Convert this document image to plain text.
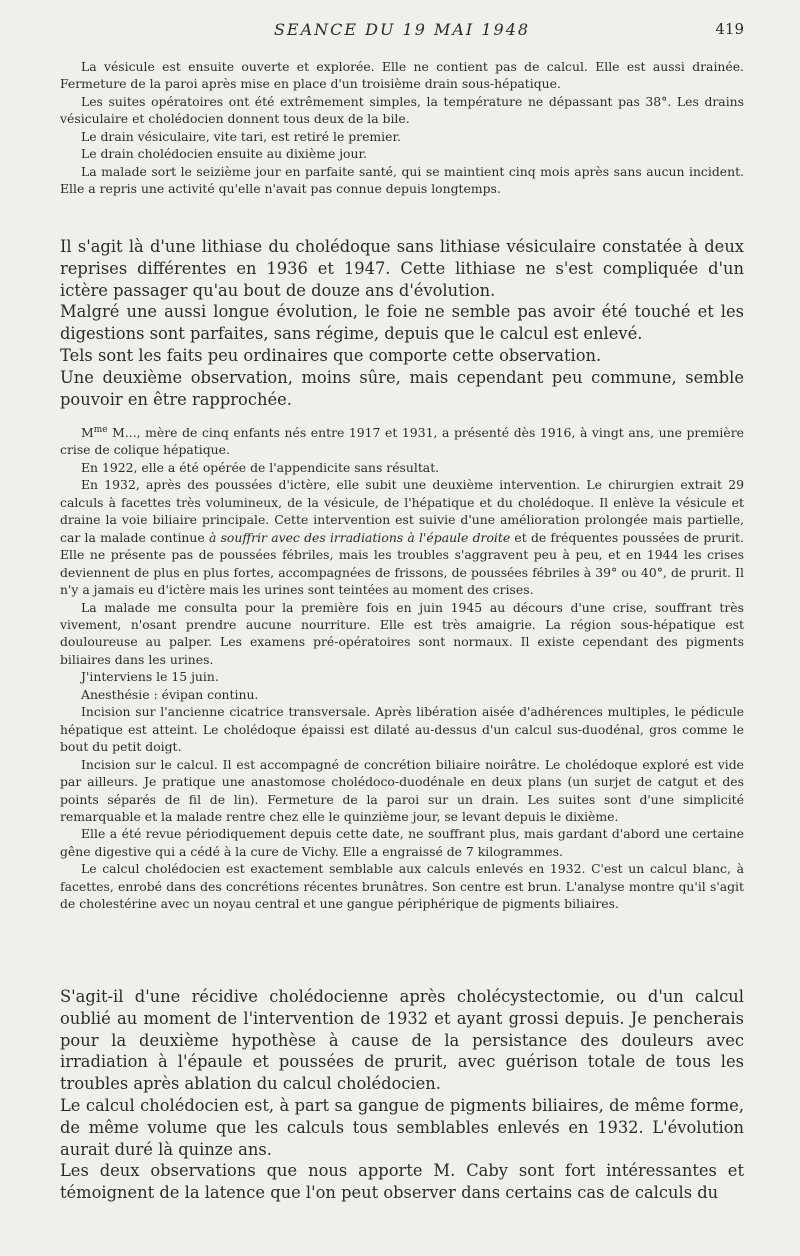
SEANCE DU 19 MAI 1948	419

La vésicule est ensuite ouverte et explorée. Elle ne contient pas de calcul. Elle est aussi drainée. Fermeture de la paroi après mise en place d'un troisième drain sous-hépatique.

Les suites opératoires ont été extrêmement simples, la température ne dépassant pas 38°. Les drains vésiculaire et cholédocien donnent tous deux de la bile.

Le drain vésiculaire, vite tari, est retiré le premier.

Le drain cholédocien ensuite au dixième jour.

La malade sort le seizième jour en parfaite santé, qui se maintient cinq mois après sans aucun incident. Elle a repris une activité qu'elle n'avait pas connue depuis longtemps.

Il s'agit là d'une lithiase du cholédoque sans lithiase vésiculaire constatée à deux reprises différentes en 1936 et 1947. Cette lithiase ne s'est compliquée d'un ictère passager qu'au bout de douze ans d'évolution.

Malgré une aussi longue évolution, le foie ne semble pas avoir été touché et les digestions sont parfaites, sans régime, depuis que le calcul est enlevé.

Tels sont les faits peu ordinaires que comporte cette observation.

Une deuxième observation, moins sûre, mais cependant peu commune, semble pouvoir en être rapprochée.

$M^{me}$ M..., mère de cinq enfants nés entre 1917 et 1931, a présenté dès 1916, à vingt ans, une première crise de colique hépatique.

En 1922, elle a été opérée de l'appendicite sans résultat.

En 1932, après des poussées d'ictère, elle subit une deuxième intervention. Le chirurgien extrait 29 calculs à facettes très volumineux, de la vésicule, de l'hépatique et du cholédoque. Il enlève la vésicule et draine la voie biliaire principale. Cette intervention est suivie d'une amélioration prolongée mais partielle, car la malade continue à souffrir avec des irradiations à l'épaule droite et de fréquentes poussées de prurit. Elle ne présente pas de poussées fébriles, mais les troubles s'aggravent peu à peu, et en 1944 les crises deviennent de plus en plus fortes, accompagnées de frissons, de poussées fébriles à 39° ou 40°, de prurit. Il n'y a jamais eu d'ictère mais les urines sont teintées au moment des crises.

La malade me consulta pour la première fois en juin 1945 au décours d'une crise, souffrant très vivement, n'osant prendre aucune nourriture. Elle est très amaigrie. La région sous-hépatique est douloureuse au palper. Les examens pré-opératoires sont normaux. Il existe cependant des pigments biliaires dans les urines.

J'interviens le 15 juin.

Anesthésie : évipan continu.

Incision sur l'ancienne cicatrice transversale. Après libération aisée d'adhérences multiples, le pédicule hépatique est atteint. Le cholédoque épaissi est dilaté au-dessus d'un calcul sus-duodénal, gros comme le bout du petit doigt.

Incision sur le calcul. Il est accompagné de concrétion biliaire noirâtre. Le cholédoque exploré est vide par ailleurs. Je pratique une anastomose cholédoco-duodénale en deux plans (un surjet de catgut et des points séparés de fil de lin). Fermeture de la paroi sur un drain. Les suites sont d'une simplicité remarquable et la malade rentre chez elle le quinzième jour, se levant depuis le dixième.

Elle a été revue périodiquement depuis cette date, ne souffrant plus, mais gardant d'abord une certaine gêne digestive qui a cédé à la cure de Vichy. Elle a engraissé de 7 kilogrammes.

Le calcul cholédocien est exactement semblable aux calculs enlevés en 1932. C'est un calcul blanc, à facettes, enrobé dans des concrétions récentes brunâtres. Son centre est brun. L'analyse montre qu'il s'agit de cholestérine avec un noyau central et une gangue périphérique de pigments biliaires.

S'agit-il d'une récidive cholédocienne après cholécystectomie, ou d'un calcul oublié au moment de l'intervention de 1932 et ayant grossi depuis. Je pencherais pour la deuxième hypothèse à cause de la persistance des douleurs avec irradiation à l'épaule et poussées de prurit, avec guérison totale de tous les troubles après ablation du calcul cholédocien.

Le calcul cholédocien est, à part sa gangue de pigments biliaires, de même forme, de même volume que les calculs tous semblables enlevés en 1932. L'évolution aurait duré là quinze ans.

Les deux observations que nous apporte M. Caby sont fort intéressantes et témoignent de la latence que l'on peut observer dans certains cas de calculs du
